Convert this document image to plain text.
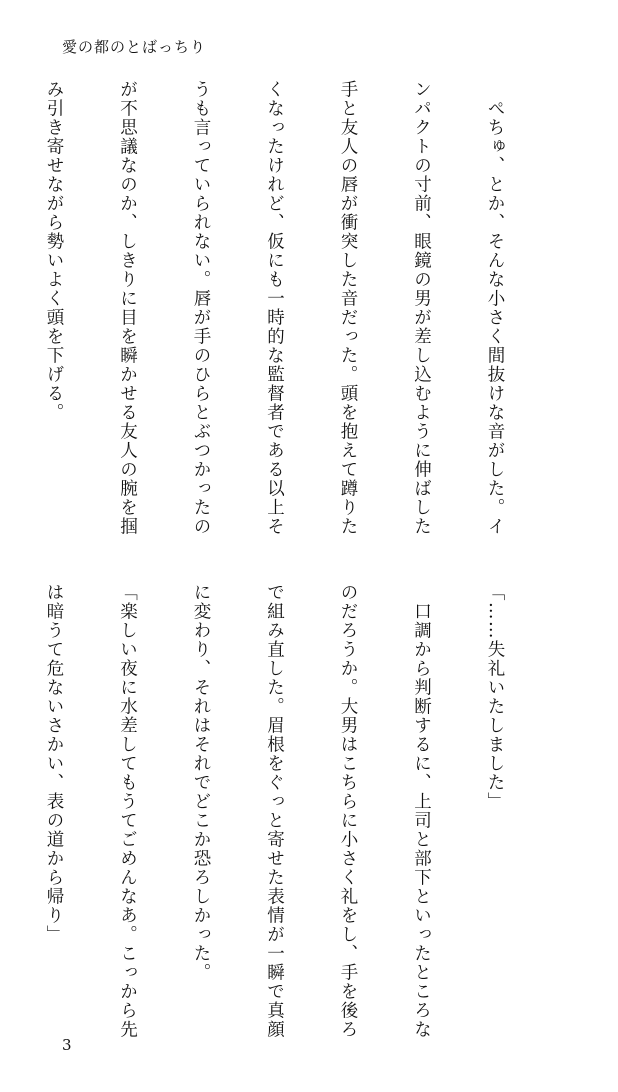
愛の都のとばっちり

　ぺちゅ、とか、そんな小さく間抜けな音がした。イ

ンパクトの寸前、眼鏡の男が差し込むように伸ばした

手と友人の唇が衝突した音だった。頭を抱えて蹲りた

くなったけれど、仮にも一時的な監督者である以上そ

うも言っていられない。唇が手のひらとぶつかったの

が不思議なのか、しきりに目を瞬かせる友人の腕を掴

み引き寄せながら勢いよく頭を下げる。

「……失礼いたしました」

　口調から判断するに、上司と部下といったところな

のだろうか。大男はこちらに小さく礼をし、手を後ろ

で組み直した。眉根をぐっと寄せた表情が一瞬で真顔

に変わり、それはそれでどこか恐ろしかった。

「楽しい夜に水差してもうてごめんなあ。こっから先

は暗うて危ないさかい、表の道から帰り」

3
